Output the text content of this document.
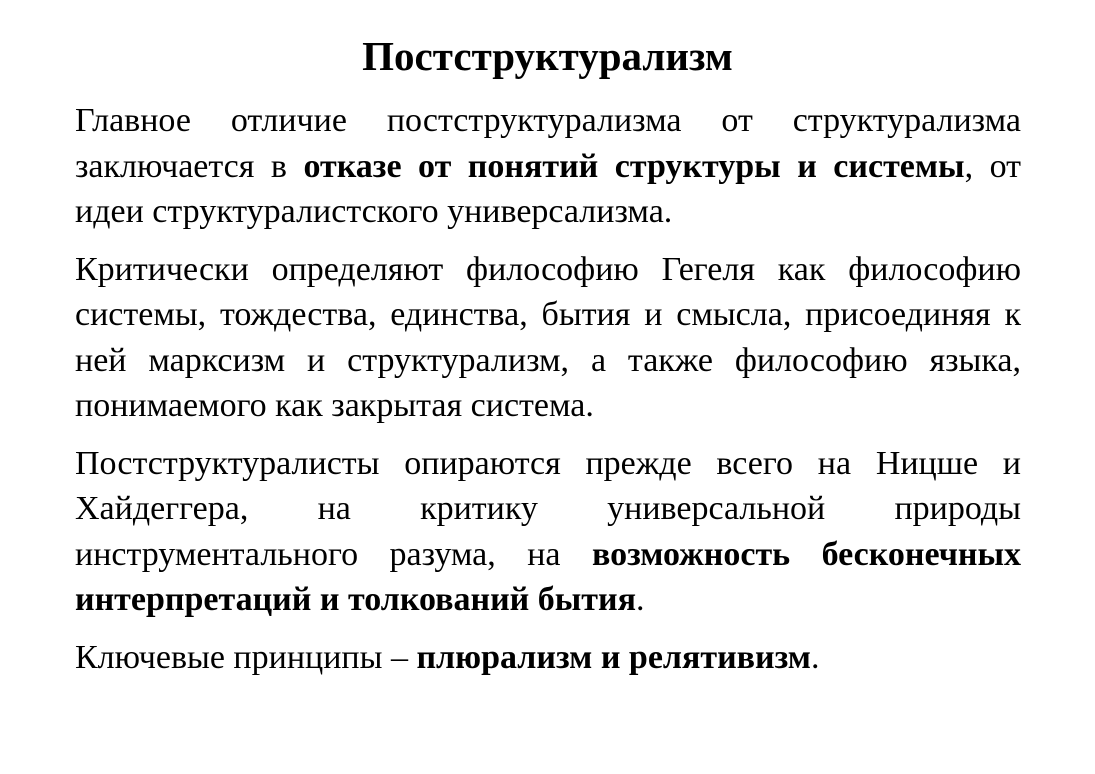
Постструктурализм

Главное отличие постструктурализма от структурализма заключается в отказе от понятий структуры и системы, от идеи структуралистского универсализма.

Критически определяют философию Гегеля как философию системы, тождества, единства, бытия и смысла, присоединяя к ней марксизм и структурализм, а также философию языка, понимаемого как закрытая система.

Постструктуралисты опираются прежде всего на Ницше и Хайдеггера, на критику универсальной природы инструментального разума, на возможность бесконечных интерпретаций и толкований бытия.

Ключевые принципы – плюрализм и релятивизм.
